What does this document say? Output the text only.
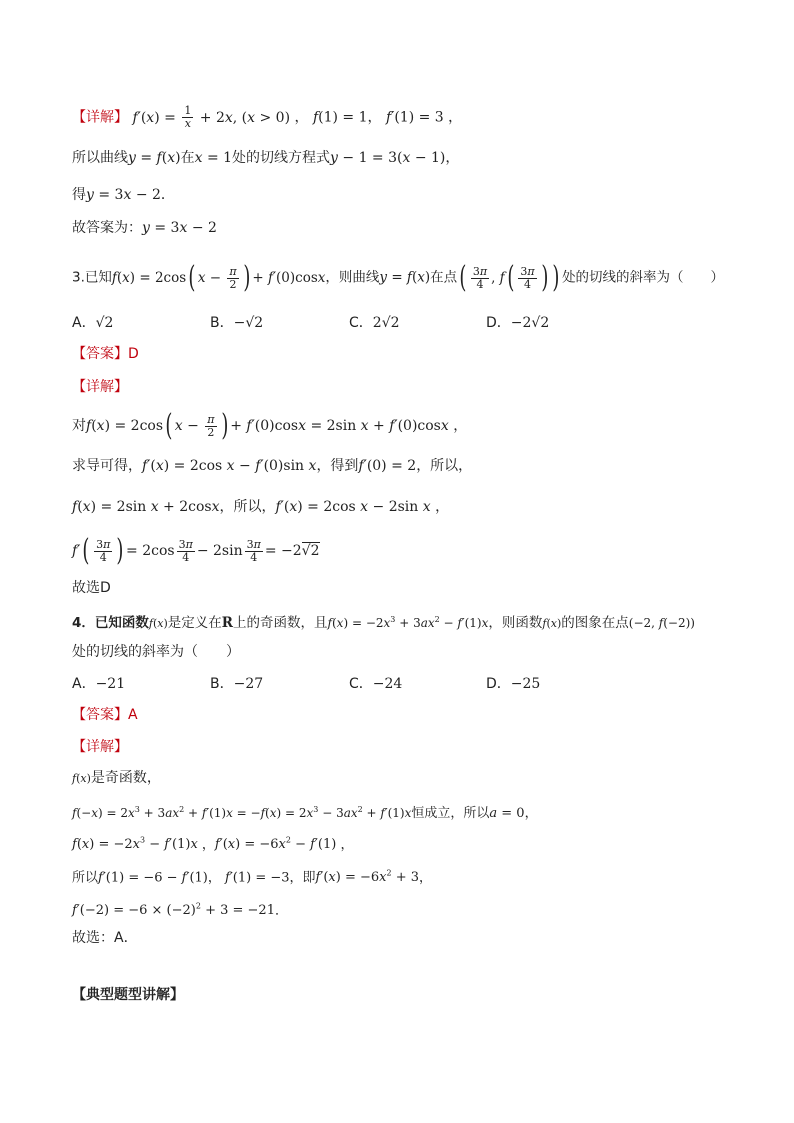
【详解】 $f'(x) = \frac{1}{x} + 2x$, (x > 0) ， f(1) = 1， f′(1) = 3 ，
所以曲线y = f(x)在x = 1处的切线方程式y − 1 = 3(x − 1)，
得y = 3x − 2．
故答案为：y = 3x − 2
3.已知f(x) = 2cos( $x - \frac{\pi}{2}$ ) + f′(0)cosx，则曲线y = f(x)在点( $\frac{3\pi}{4}$ , $f( \frac{3\pi}{4}$ ) ) 处的切线的斜率为（　　）
A．√2	B．−√2	C．2√2	D．−2√2
【答案】D
【详解】
对f(x) = 2cos( $x - \frac{\pi}{2}$ ) + f′(0)cosx = 2sin x + f′(0)cosx ，
求导可得，f′(x) = 2cos x − f′(0)sin x，得到f′(0) = 2，所以，
f(x) = 2sin x + 2cosx，所以，f′(x) = 2cos x − 2sin x ，
$f'( \frac{3\pi}{4}$ ) = $2\cos \frac{3\pi}{4} - 2\sin \frac{3\pi}{4} = -2√2$
故选D
4．已知函数f(x)是定义在R上的奇函数，且$f(x) = -2x^3 + 3ax^2 - f'(1)x$，则函数f(x)的图象在点(−2, f(−2))
处的切线的斜率为（　　）
A．−21	B．−27	C．−24	D．−25
【答案】A
【详解】
f(x)是奇函数，
$f(-x) = 2x^3 + 3ax^2 + f'(1)x = -f(x) = 2x^3 - 3ax^2 + f'(1)x$恒成立，所以a = 0，
$f(x) = -2x^3 - f'(1)x$ ，$f'(x) = -6x^2 - f'(1)$ ，
所以f′(1) = −6 − f′(1)， f′(1) = −3，即$f'(x) = -6x^2 + 3$，
$f'(-2) = -6 \times (-2)^2 + 3 = -21$．
故选：A．
【典型题型讲解】
